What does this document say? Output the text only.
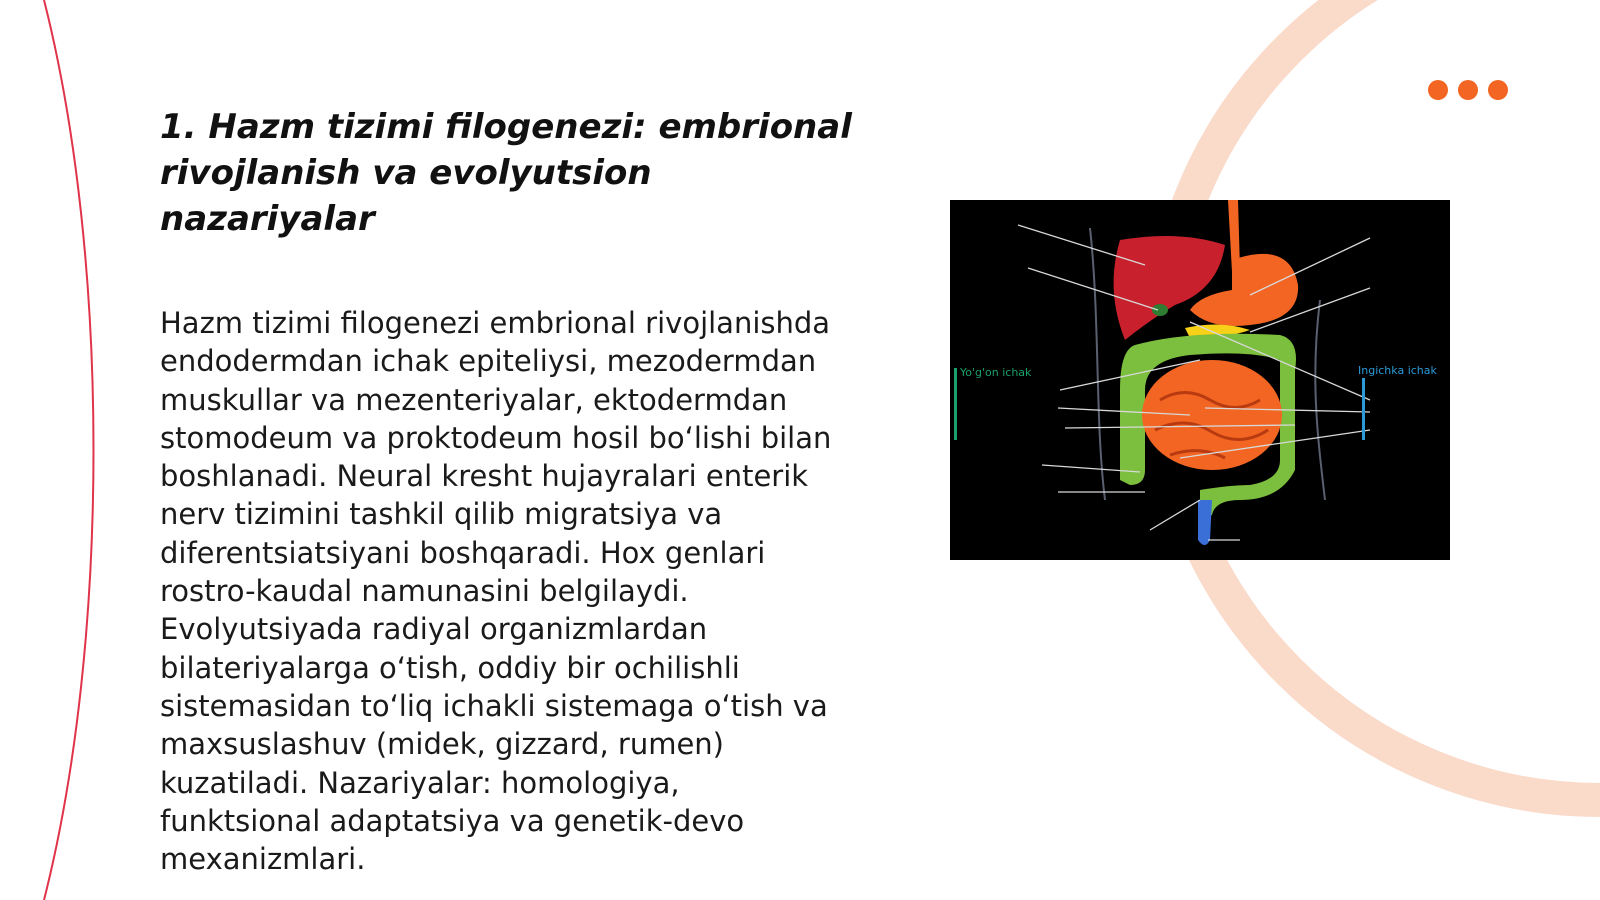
1. Hazm tizimi filogenezi: embrional rivojlanish va evolyutsion nazariyalar

Hazm tizimi filogenezi embrional rivojlanishda endodermdan ichak epiteliysi, mezodermdan muskullar va mezenteriyalar, ektodermdan stomodeum va proktodeum hosil bo‘lishi bilan boshlanadi. Neural kresht hujayralari enterik nerv tizimini tashkil qilib migratsiya va diferentsiatsiyani boshqaradi. Hox genlari rostro-kaudal namunasini belgilaydi. Evolyutsiyada radiyal organizmlardan bilateriyalarga o‘tish, oddiy bir ochilishli sistemasidan to‘liq ichakli sistemaga o‘tish va maxsuslashuv (midek, gizzard, rumen) kuzatiladi. Nazariyalar: homologiya, funktsional adaptatsiya va genetik-devo mexanizmlari.

Yo'g'on ichak	Ingichka ichak
